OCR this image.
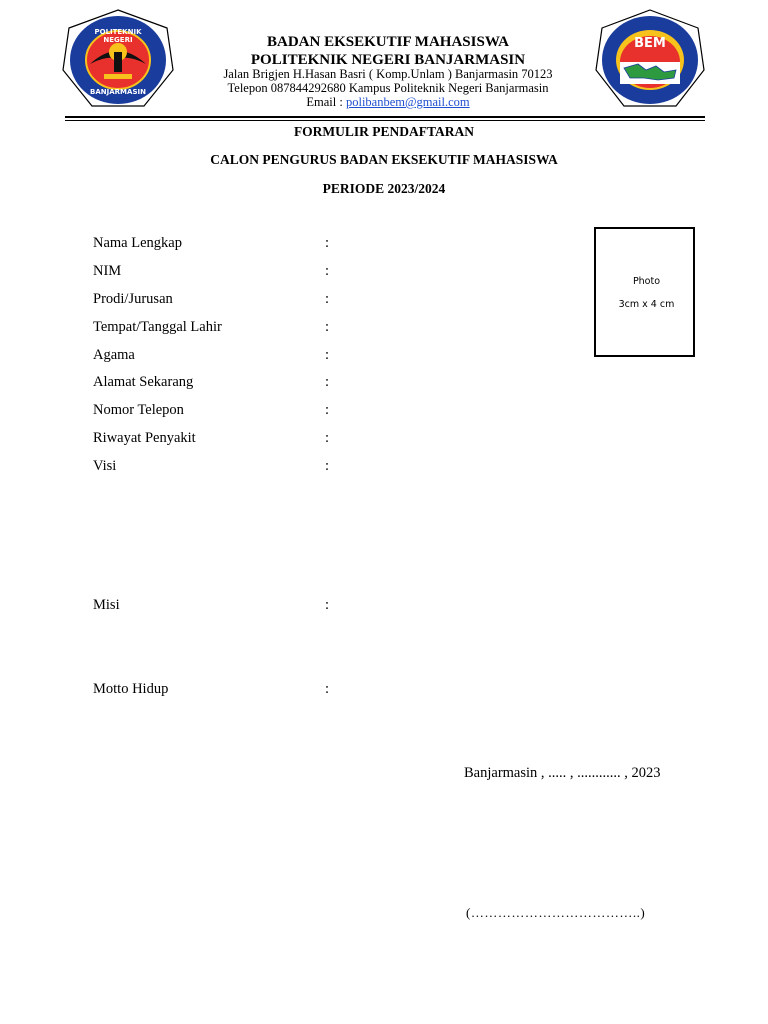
POLITEKNIK NEGERI
BANJARMASIN
BEM
BADAN EKSEKUTIF MAHASISWA
POLITEKNIK NEGERI BANJARMASIN
Jalan Brigjen H.Hasan Basri ( Komp.Unlam ) Banjarmasin 70123
Telepon 087844292680 Kampus Politeknik Negeri Banjarmasin
Email : polibanbem@gmail.com
FORMULIR PENDAFTARAN
CALON PENGURUS BADAN EKSEKUTIF MAHASISWA
PERIODE 2023/2024
Nama Lengkap	:
NIM	:
Prodi/Jurusan	:
Tempat/Tanggal Lahir	:
Agama	:
Alamat Sekarang	:
Nomor Telepon	:
Riwayat Penyakit	:
Visi	:
Misi	:
Motto Hidup	:
Photo
3cm x 4 cm
Banjarmasin , ..... , ............ , 2023
(………………………………..)
